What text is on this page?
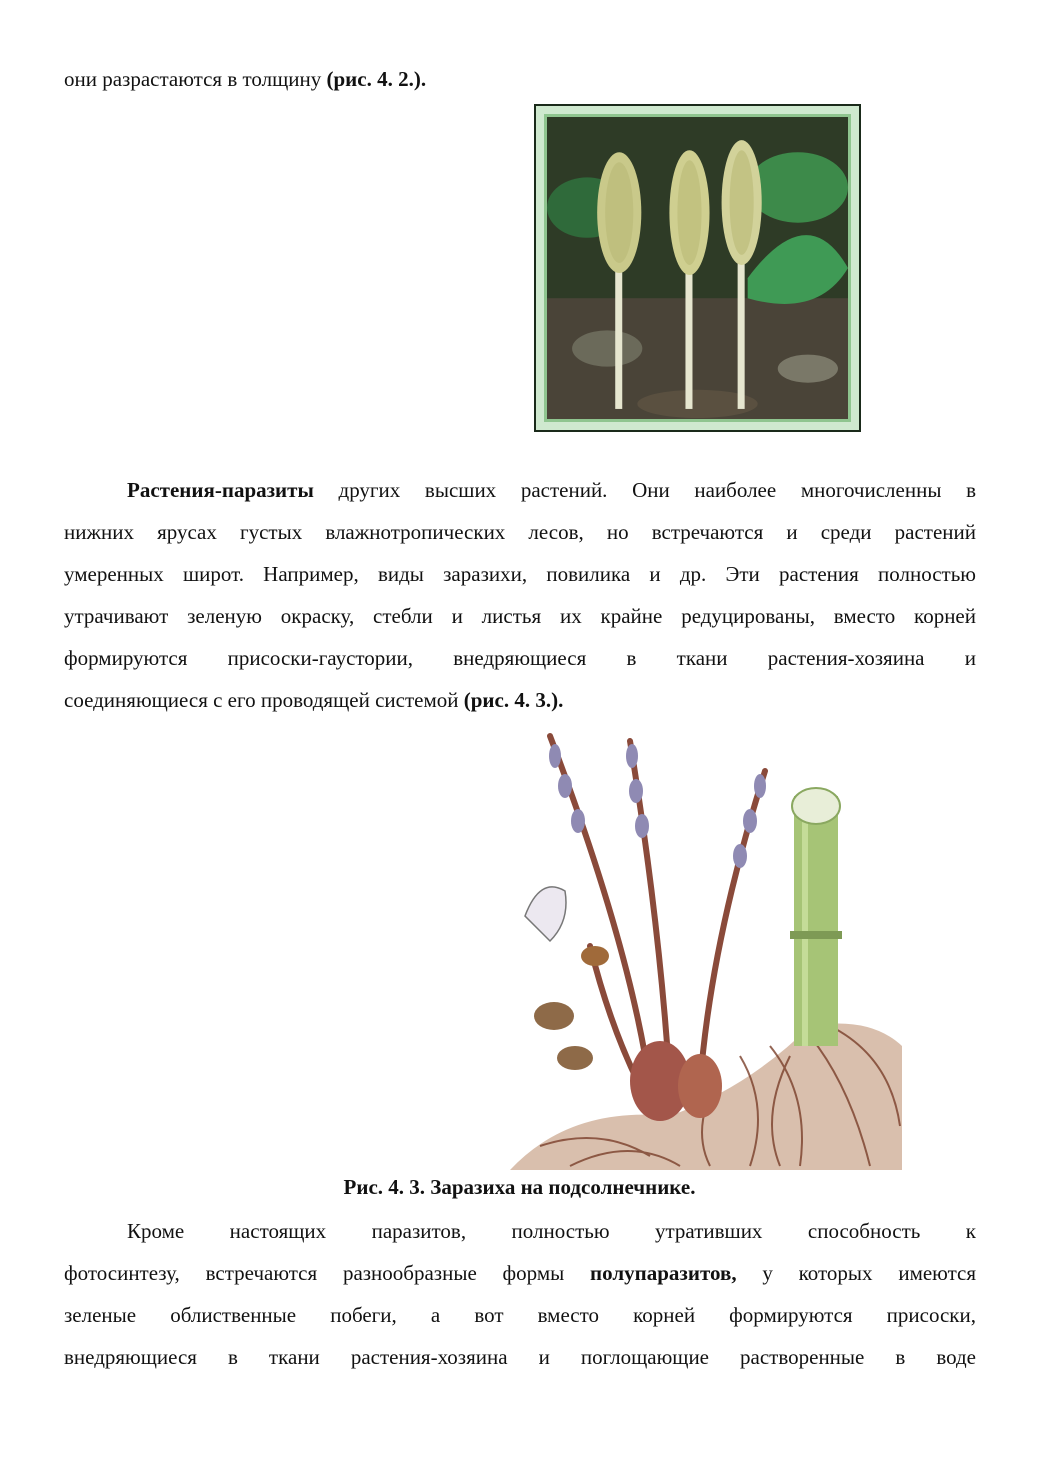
они разрастаются в толщину (рис. 4. 2.).
Растения-паразиты других высших растений. Они наиболее многочисленны в
нижних ярусах густых влажнотропических лесов, но встречаются и среди растений
умеренных широт. Например, виды заразихи, повилика и др. Эти растения полностью
утрачивают зеленую окраску, стебли и листья их крайне редуцированы, вместо корней
формируются присоски-гаустории, внедряющиеся в ткани растения-хозяина и
соединяющиеся с его проводящей системой (рис. 4. 3.).
Рис. 4. 3. Заразиха на подсолнечнике.
Кроме настоящих паразитов, полностью утративших способность к
фотосинтезу, встречаются разнообразные формы полупаразитов, у которых имеются
зеленые облиственные побеги, а вот вместо корней формируются присоски,
внедряющиеся в ткани растения-хозяина и поглощающие растворенные в воде
